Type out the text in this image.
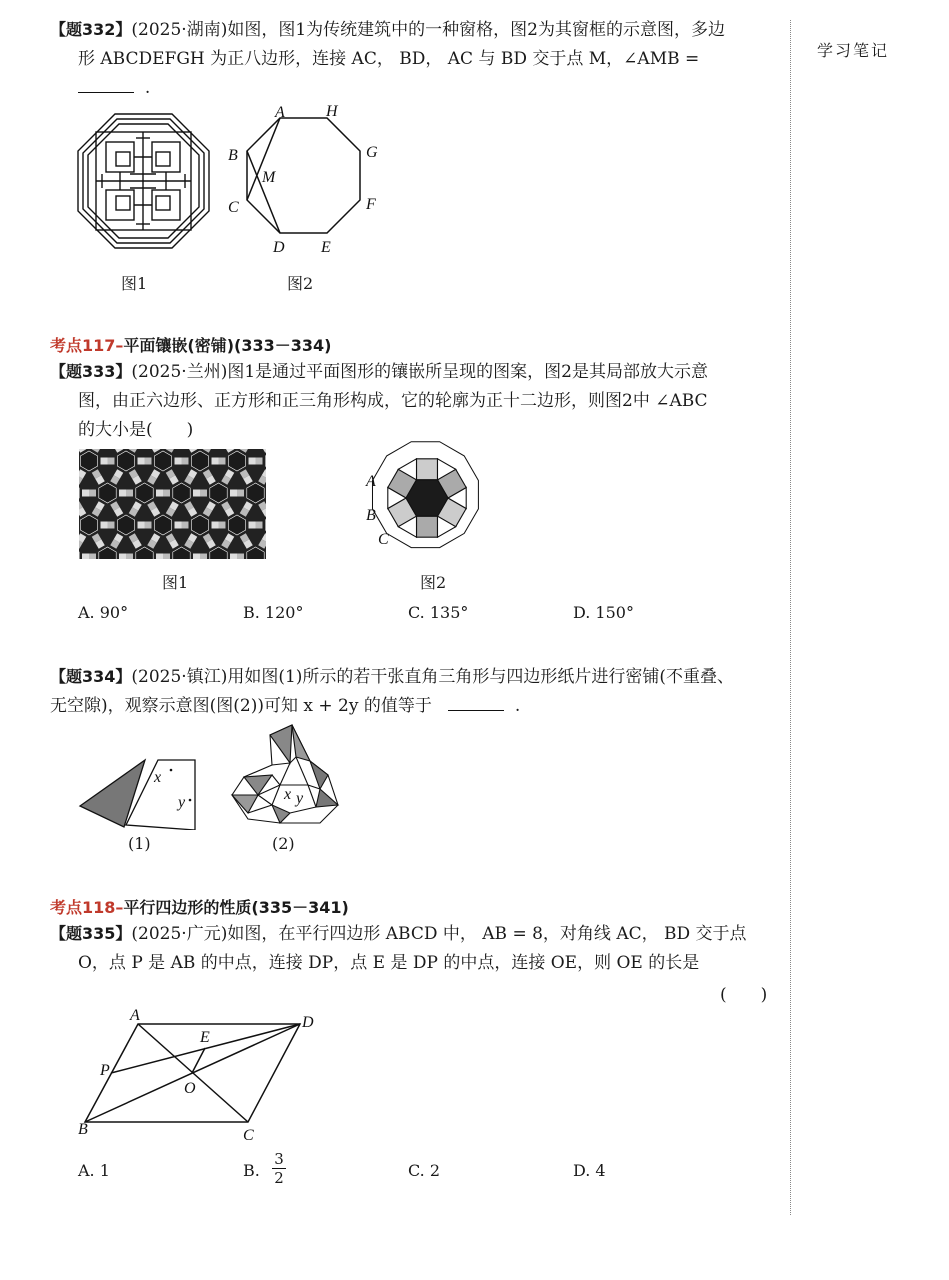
学习笔记
【题332】(2025·湖南)如图，图1为传统建筑中的一种窗格，图2为其窗框的示意图，多边
形 ABCDEFGH 为正八边形，连接 AC， BD， AC 与 BD 交于点 M，∠AMB =
.
图1
A	H
G
F
E
D
C
B
M
图2
考点117–平面镶嵌(密铺)(333－334)
【题333】(2025·兰州)图1是通过平面图形的镶嵌所呈现的图案，图2是其局部放大示意
图，由正六边形、正方形和正三角形构成，它的轮廓为正十二边形，则图2中 ∠ABC
的大小是(　　)
图1
A
B
C
图2
A. 90°	B. 120°	C. 135°	D. 150°
【题334】(2025·镇江)用如图(1)所示的若干张直角三角形与四边形纸片进行密铺(不重叠、
无空隙)，观察示意图(图(2))可知 x + 2y 的值等于	.
x
y
(1)
x y
(2)
考点118–平行四边形的性质(335－341)
【题335】(2025·广元)如图，在平行四边形 ABCD 中， AB = 8，对角线 AC， BD 交于点
O，点 P 是 AB 的中点，连接 DP，点 E 是 DP 的中点，连接 OE，则 OE 的长是
(　　)
A	D
E
P
O
B	C
A. 1	B.
3
2	C. 2	D. 4
